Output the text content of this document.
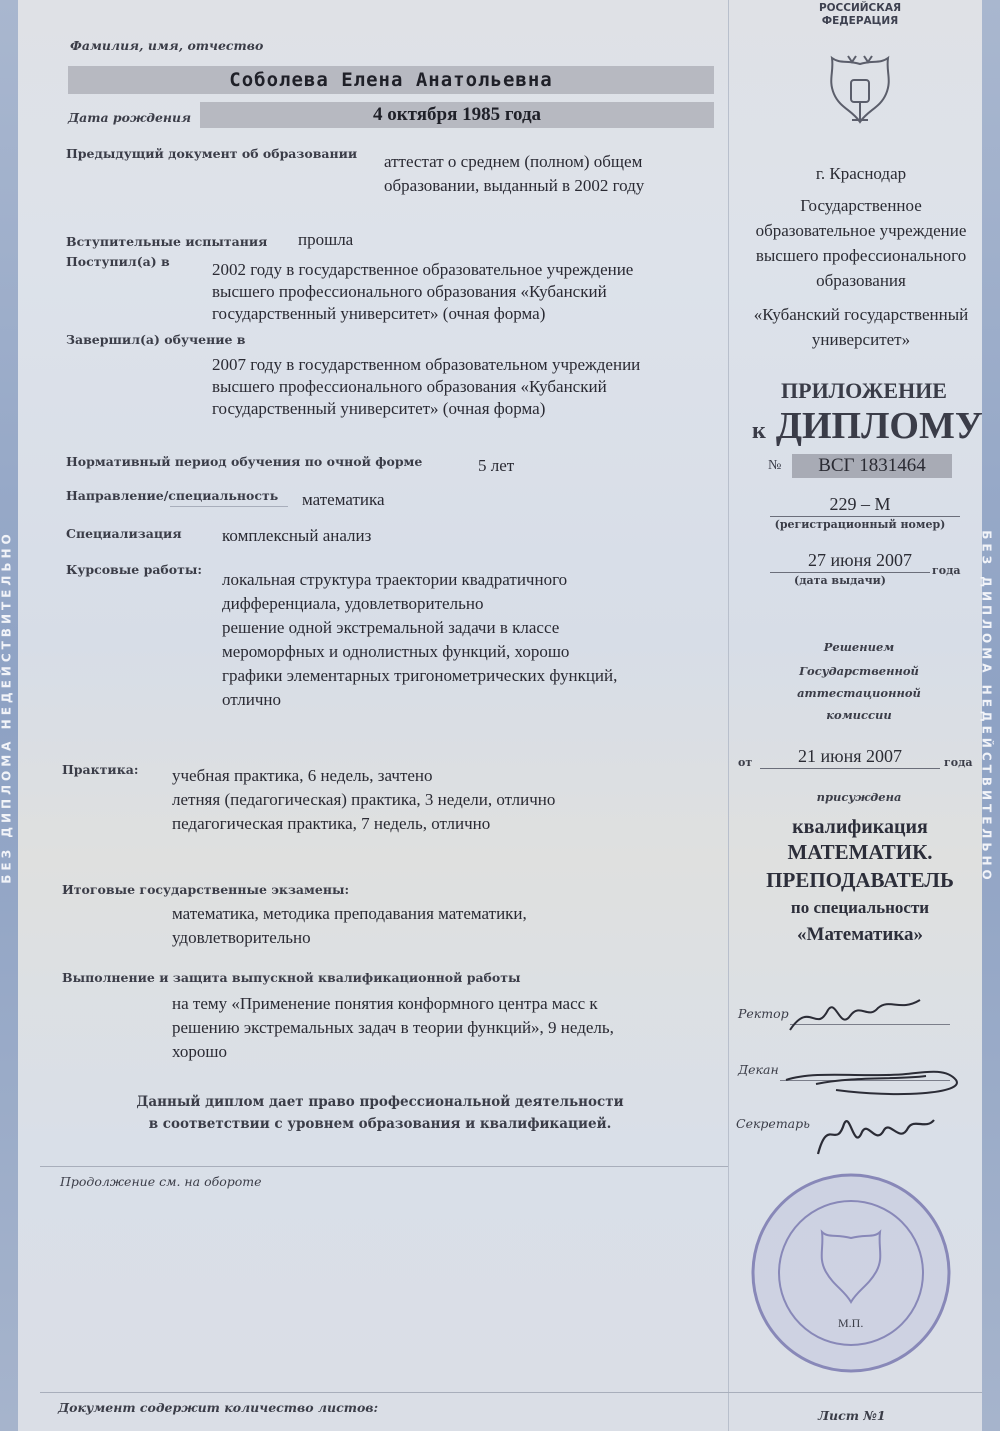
БЕЗ ДИПЛОМА НЕДЕЙСТВИТЕЛЬНО	БЕЗ ДИПЛОМА НЕДЕЙСТВИТЕЛЬНО
Фамилия, имя, отчество
Соболева Елена Анатольевна
Дата рождения	4 октября 1985 года
Предыдущий документ об образовании аттестат о среднем (полном) общем
образовании, выданный в 2002 году
Вступительные испытания прошла
Поступил(а) в 2002 году в государственное образовательное учреждение
высшего профессионального образования «Кубанский
государственный университет» (очная форма)
Завершил(а) обучение в
2007 году в государственном образовательном учреждении
высшего профессионального образования «Кубанский
государственный университет» (очная форма)
Нормативный период обучения по очной форме	5 лет
Направление/специальность математика
Специализация комплексный анализ
Курсовые работы:
локальная структура траектории квадратичного
дифференциала, удовлетворительно
решение одной экстремальной задачи в классе
мероморфных и однолистных функций, хорошо
графики элементарных тригонометрических функций,
отлично
Практика: учебная практика, 6 недель, зачтено
летняя (педагогическая) практика, 3 недели, отлично
педагогическая практика, 7 недель, отлично
Итоговые государственные экзамены:
математика, методика преподавания математики,
удовлетворительно
Выполнение и защита выпускной квалификационной работы
на тему «Применение понятия конформного центра масс к
решению экстремальных задач в теории функций», 9 недель,
хорошо
Данный диплом дает право профессиональной деятельности
в соответствии с уровнем образования и квалификацией.
Продолжение см. на обороте
Документ содержит количество листов:
Лист №1
РОССИЙСКАЯ
ФЕДЕРАЦИЯ
г. Краснодар
Государственное
образовательное учреждение
высшего профессионального
образования
«Кубанский государственный
университет»
ПРИЛОЖЕНИЕ
к ДИПЛОМУ
№	ВСГ 1831464
229 – М
(регистрационный номер)
27 июня 2007
года
(дата выдачи)
Решением
Государственной
аттестационной
комиссии
от	21 июня 2007	года
присуждена
квалификация
МАТЕМАТИК.
ПРЕПОДАВАТЕЛЬ
по специальности
«Математика»
Ректор
Декан
Секретарь
М.П.
